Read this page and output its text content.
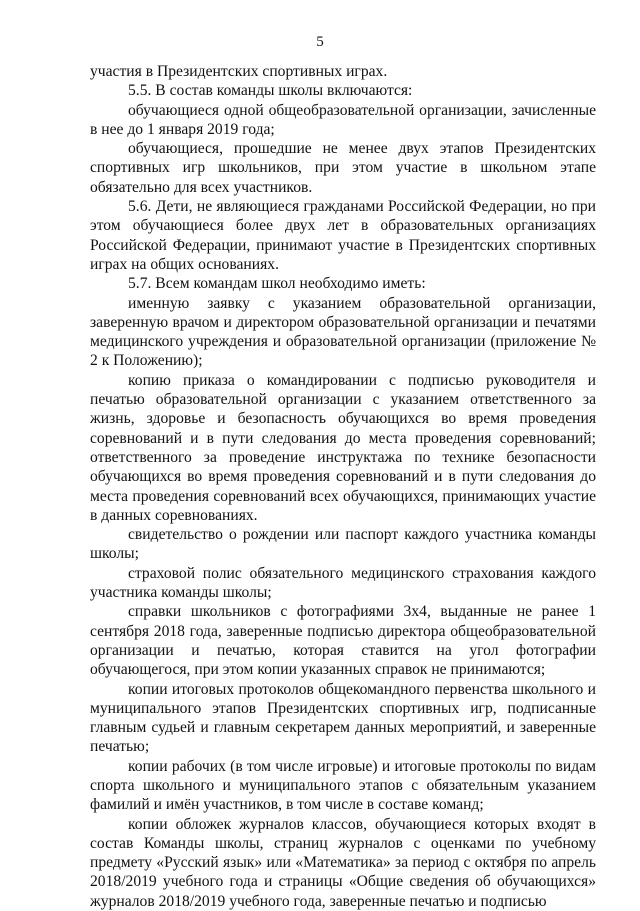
5

участия в Президентских спортивных играх.

5.5. В состав команды школы включаются:

обучающиеся одной общеобразовательной организации, зачисленные в нее до 1 января 2019 года;

обучающиеся, прошедшие не менее двух этапов Президентских спортивных игр школьников, при этом участие в школьном этапе обязательно для всех участников.

5.6. Дети, не являющиеся гражданами Российской Федерации, но при этом обучающиеся более двух лет в образовательных организациях Российской Федерации, принимают участие в Президентских спортивных играх на общих основаниях.

5.7. Всем командам школ необходимо иметь:

именную заявку с указанием образовательной организации, заверенную врачом и директором образовательной организации и печатями медицинского учреждения и образовательной организации (приложение № 2 к Положению);

копию приказа о командировании с подписью руководителя и печатью образовательной организации с указанием ответственного за жизнь, здоровье и безопасность обучающихся во время проведения соревнований и в пути следования до места проведения соревнований; ответственного за проведение инструктажа по технике безопасности обучающихся во время проведения соревнований и в пути следования до места проведения соревнований всех обучающихся, принимающих участие в данных соревнованиях.

свидетельство о рождении или паспорт каждого участника команды школы;

страховой полис обязательного медицинского страхования каждого участника команды школы;

справки школьников с фотографиями 3х4, выданные не ранее 1 сентября 2018 года, заверенные подписью директора общеобразовательной организации и печатью, которая ставится на угол фотографии обучающегося, при этом копии указанных справок не принимаются;

копии итоговых протоколов общекомандного первенства школьного и муниципального этапов Президентских спортивных игр, подписанные главным судьей и главным секретарем данных мероприятий, и заверенные печатью;

копии рабочих (в том числе игровые) и итоговые протоколы по видам спорта школьного и муниципального этапов с обязательным указанием фамилий и имён участников, в том числе в составе команд;

копии обложек журналов классов, обучающиеся которых входят в состав Команды школы, страниц журналов с оценками по учебному предмету «Русский язык» или «Математика» за период с октября по апрель 2018/2019 учебного года и страницы «Общие сведения об обучающихся» журналов 2018/2019 учебного года, заверенные печатью и подписью
